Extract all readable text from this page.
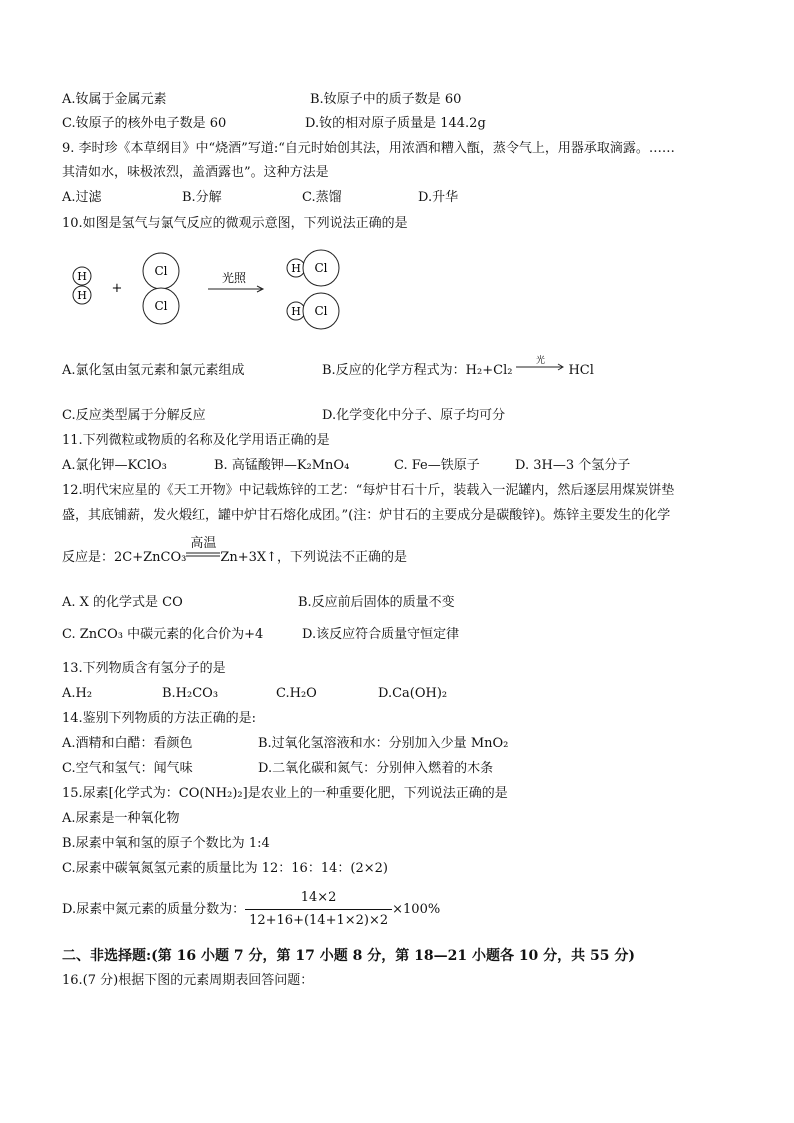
A.钕属于金属元素	B.钕原子中的质子数是 60
C.钕原子的核外电子数是 60	D.钕的相对原子质量是 144.2g
9. 李时珍《本草纲目》中“烧酒”写道:“自元时始创其法，用浓酒和糟入甑，蒸令气上，用器承取滴露。……
其清如水，味极浓烈，盖酒露也”。这种方法是
A.过滤	B.分解	C.蒸馏	D.升华
10.如图是氢气与氯气反应的微观示意图，下列说法正确的是
H
H +
Cl
Cl
光照
H Cl
H Cl
A.氯化氢由氢元素和氯元素组成	B.反应的化学方程式为：H₂+Cl₂
光
HCl
C.反应类型属于分解反应	D.化学变化中分子、原子均可分
11.下列微粒或物质的名称及化学用语正确的是
A.氯化钾—KClO₃	B. 高锰酸钾—K₂MnO₄	C. Fe—铁原子	D. 3H—3 个氢分子
12.明代宋应星的《天工开物》中记载炼锌的工艺：“每炉甘石十斤，装载入一泥罐内，然后逐层用煤炭饼垫
盛，其底铺薪，发火煅红，罐中炉甘石熔化成团。”(注：炉甘石的主要成分是碳酸锌)。炼锌主要发生的化学
反应是：2C+ZnCO₃
高温
Zn+3X↑，下列说法不正确的是
A. X 的化学式是 CO	B.反应前后固体的质量不变
C. ZnCO₃ 中碳元素的化合价为+4	D.该反应符合质量守恒定律
13.下列物质含有氢分子的是
A.H₂	B.H₂CO₃	C.H₂O	D.Ca(OH)₂
14.鉴别下列物质的方法正确的是:
A.酒精和白醋：看颜色	B.过氧化氢溶液和水：分别加入少量 MnO₂
C.空气和氢气：闻气味	D.二氧化碳和氮气：分别伸入燃着的木条
15.尿素[化学式为：CO(NH₂)₂]是农业上的一种重要化肥，下列说法正确的是
A.尿素是一种氧化物
B.尿素中氧和氢的原子个数比为 1:4
C.尿素中碳氧氮氢元素的质量比为 12：16：14：(2×2)
D.尿素中氮元素的质量分数为： $\frac{14\times 2}{12+16+(14+1\times 2)\times 2} \times 100\%$
二、非选择题:(第 16 小题 7 分，第 17 小题 8 分，第 18—21 小题各 10 分，共 55 分)
16.(7 分)根据下图的元素周期表回答问题：
